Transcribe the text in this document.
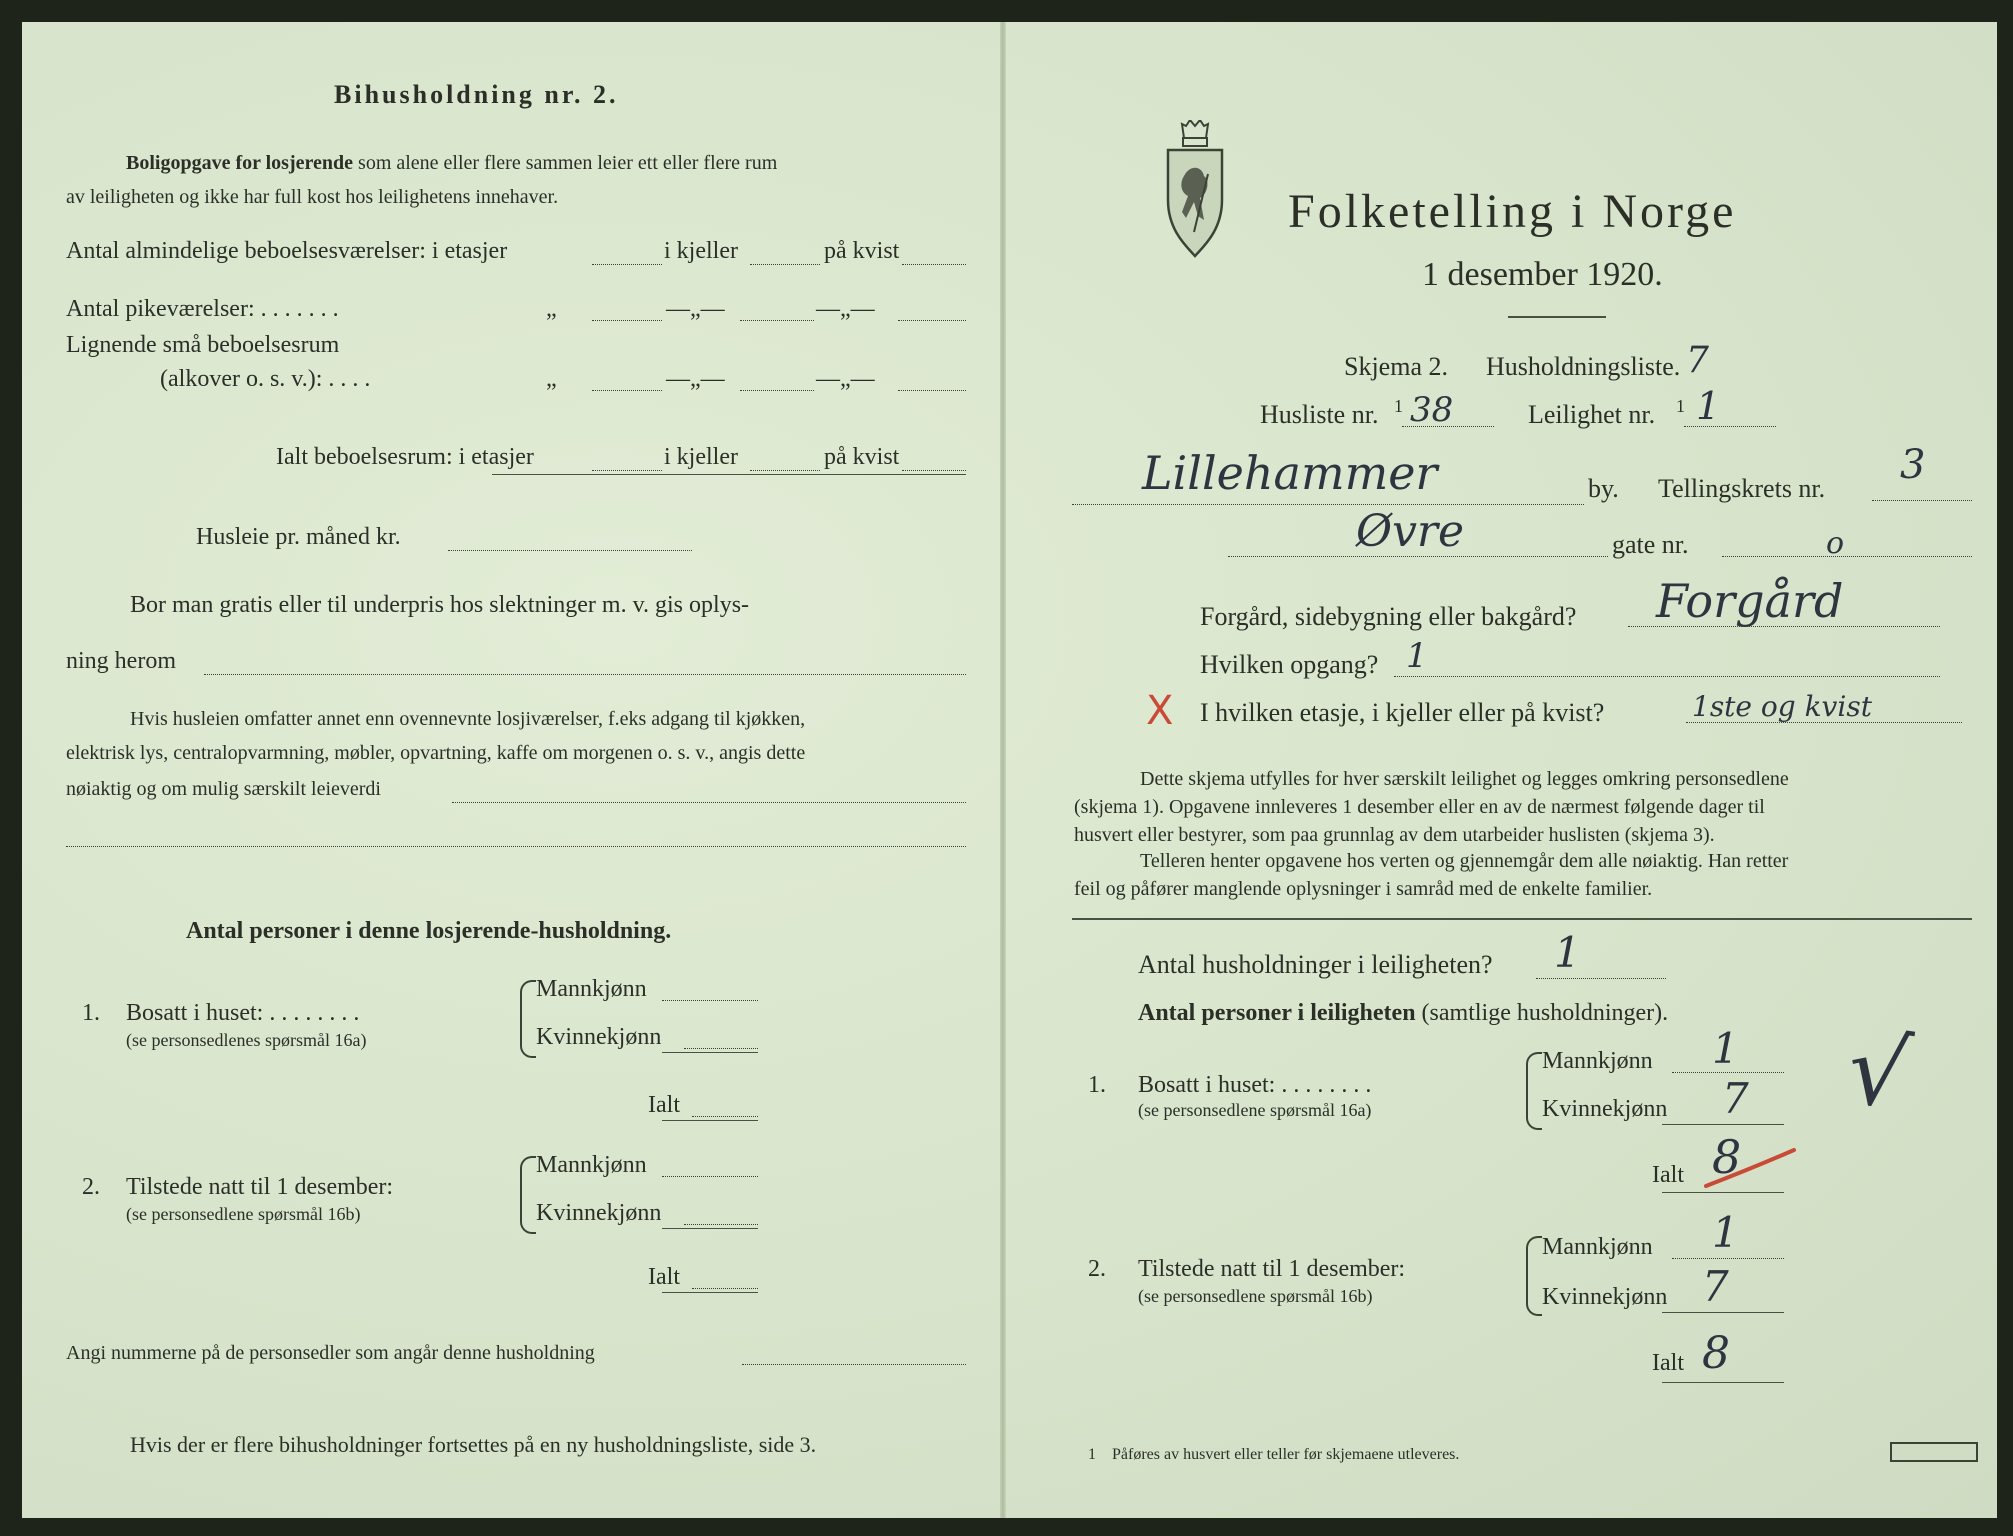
Bihusholdning nr. 2.
Boligopgave for losjerende som alene eller flere sammen leier ett eller flere rum
av leiligheten og ikke har full kost hos leilighetens innehaver.
Antal almindelige beboelsesværelser: i etasjer	i kjeller	på kvist
Antal pikeværelser: . . . . . . .	„	—„—	—„—
Lignende små beboelsesrum
(alkover o. s. v.): . . . .	„	—„—	—„—
Ialt beboelsesrum: i etasjer	i kjeller	på kvist
Husleie pr. måned kr.
Bor man gratis eller til underpris hos slektninger m. v. gis oplys-
ning herom
Hvis husleien omfatter annet enn ovennevnte losjiværelser, f.eks adgang til kjøkken,
elektrisk lys, centralopvarmning, møbler, opvartning, kaffe om morgenen o. s. v., angis dette
nøiaktig og om mulig særskilt leieverdi
Antal personer i denne losjerende-husholdning.
1. Bosatt i huset: . . . . . . . .
(se personsedlenes spørsmål 16a)
Mannkjønn
Kvinnekjønn
Ialt
2. Tilstede natt til 1 desember:
(se personsedlene spørsmål 16b)
Mannkjønn
Kvinnekjønn
Ialt
Angi nummerne på de personsedler som angår denne husholdning
Hvis der er flere bihusholdninger fortsettes på en ny husholdningsliste, side 3.
Folketelling i Norge
1 desember 1920.
Skjema 2. Husholdningsliste. 7
Husliste nr. 1 38	Leilighet nr. 1 1
Lillehammer	by. Tellingskrets nr.
3
Øvre	gate nr.	o
Forgård, sidebygning eller bakgård? Forgård
Hvilken opgang? 1
X I hvilken etasje, i kjeller eller på kvist?	1ste og kvist
Dette skjema utfylles for hver særskilt leilighet og legges omkring personsedlene
(skjema 1). Opgavene innleveres 1 desember eller en av de nærmest følgende dager til
husvert eller bestyrer, som paa grunnlag av dem utarbeider huslisten (skjema 3).
Telleren henter opgavene hos verten og gjennemgår dem alle nøiaktig. Han retter
feil og påfører manglende oplysninger i samråd med de enkelte familier.
Antal husholdninger i leiligheten? 1
Antal personer i leiligheten (samtlige husholdninger).
1. Bosatt i huset: . . . . . . . .
(se personsedlene spørsmål 16a)
Mannkjønn 1
Kvinnekjønn 7
Ialt 8
√
2. Tilstede natt til 1 desember:
(se personsedlene spørsmål 16b)
Mannkjønn 1
Kvinnekjønn 7
Ialt 8
1 Påføres av husvert eller teller før skjemaene utleveres.
